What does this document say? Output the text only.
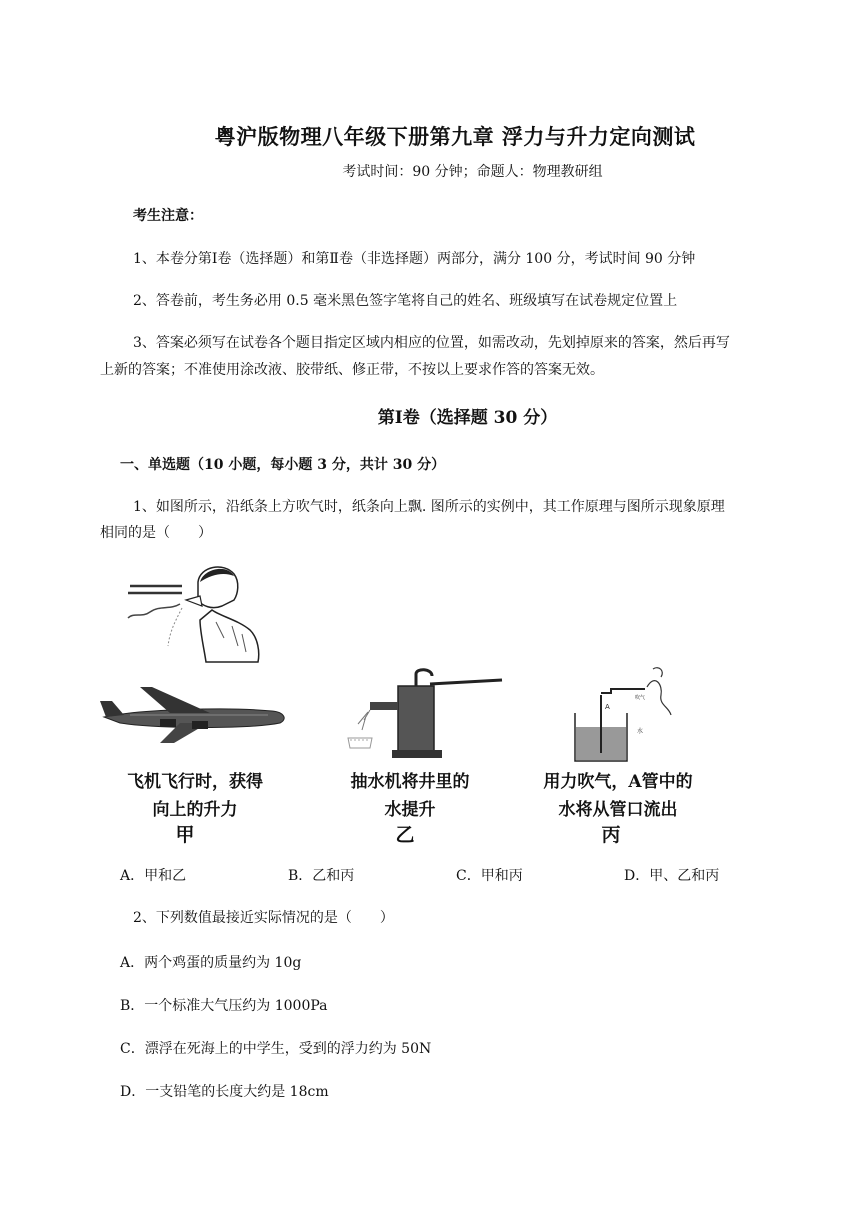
粤沪版物理八年级下册第九章 浮力与升力定向测试
考试时间：90 分钟；命题人：物理教研组
考生注意：
1、本卷分第Ⅰ卷（选择题）和第Ⅱ卷（非选择题）两部分，满分 100 分，考试时间 90 分钟
2、答卷前，考生务必用 0.5 毫米黑色签字笔将自己的姓名、班级填写在试卷规定位置上
3、答案必须写在试卷各个题目指定区域内相应的位置，如需改动，先划掉原来的答案，然后再写
上新的答案；不准使用涂改液、胶带纸、修正带，不按以上要求作答的答案无效。
第Ⅰ卷（选择题 30 分）
一、单选题（10 小题，每小题 3 分，共计 30 分）
1、如图所示，沿纸条上方吹气时，纸条向上飘. 图所示的实例中，其工作原理与图所示现象原理
相同的是（　　）
A
水
吹气
飞机飞行时，获得
向上的升力
甲
抽水机将井里的
水提升
乙
用力吹气，A管中的
水将从管口流出
丙
A．甲和乙	B．乙和丙	C．甲和丙	D．甲、乙和丙
2、下列数值最接近实际情况的是（　　）
A．两个鸡蛋的质量约为 10g
B．一个标准大气压约为 1000Pa
C．漂浮在死海上的中学生，受到的浮力约为 50N
D．一支铅笔的长度大约是 18cm
